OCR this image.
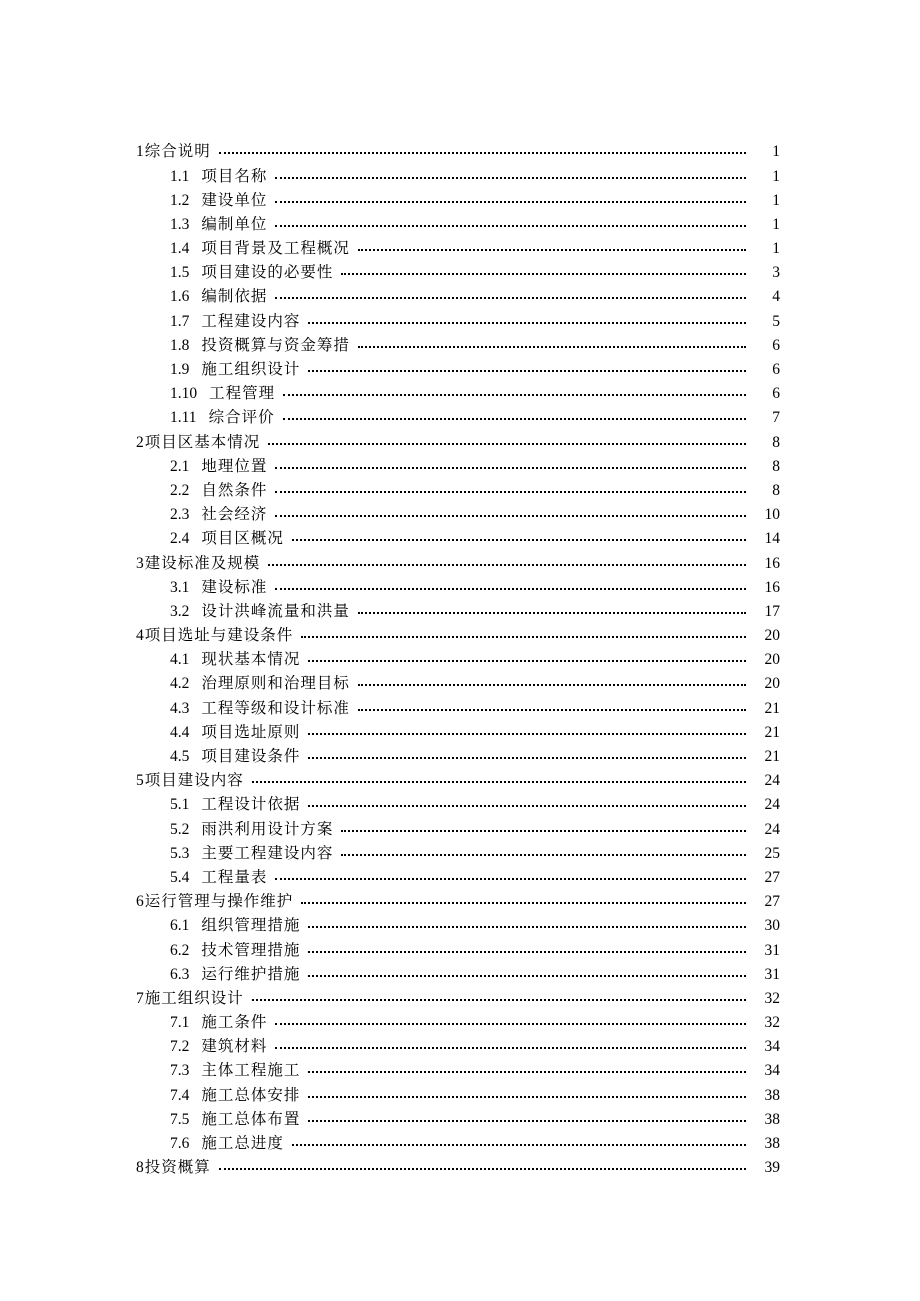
1 综合说明	1
1.1 项目名称	1
1.2 建设单位	1
1.3 编制单位	1
1.4 项目背景及工程概况	1
1.5 项目建设的必要性	3
1.6 编制依据	4
1.7 工程建设内容	5
1.8 投资概算与资金筹措	6
1.9 施工组织设计	6
1.10 工程管理	6
1.11 综合评价	7
2 项目区基本情况	8
2.1 地理位置	8
2.2 自然条件	8
2.3 社会经济	10
2.4 项目区概况	14
3 建设标准及规模	16
3.1 建设标准	16
3.2 设计洪峰流量和洪量	17
4 项目选址与建设条件	20
4.1 现状基本情况	20
4.2 治理原则和治理目标	20
4.3 工程等级和设计标准	21
4.4 项目选址原则	21
4.5 项目建设条件	21
5 项目建设内容	24
5.1 工程设计依据	24
5.2 雨洪利用设计方案	24
5.3 主要工程建设内容	25
5.4 工程量表	27
6 运行管理与操作维护	27
6.1 组织管理措施	30
6.2 技术管理措施	31
6.3 运行维护措施	31
7 施工组织设计	32
7.1 施工条件	32
7.2 建筑材料	34
7.3 主体工程施工	34
7.4 施工总体安排	38
7.5 施工总体布置	38
7.6 施工总进度	38
8 投资概算	39
